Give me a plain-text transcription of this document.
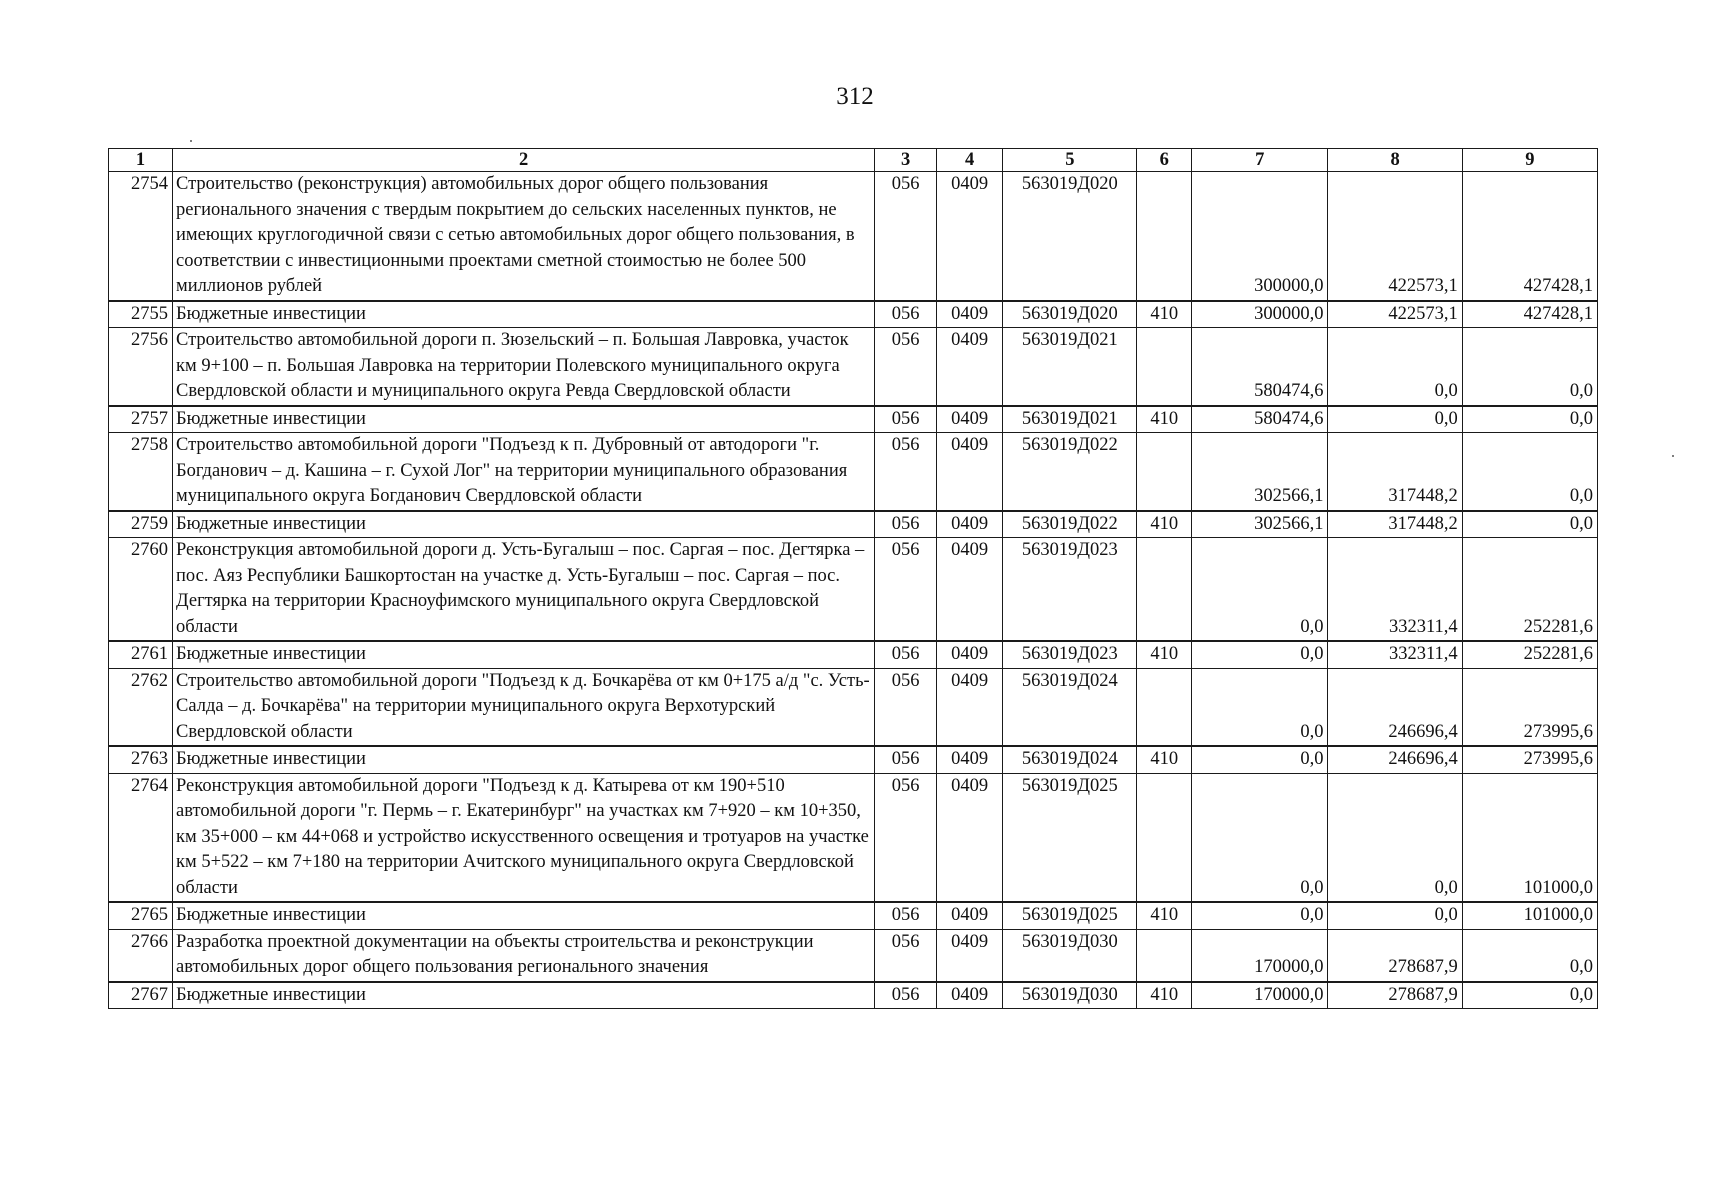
312
1	2	3	4	5	6	7	8	9
2754	Строительство (реконструкция) автомобильных дорог общего пользования регионального значения с твердым покрытием до сельских населенных пунктов, не имеющих круглогодичной связи с сетью автомобильных дорог общего пользования, в соответствии с инвестиционными проектами сметной стоимостью не более 500 миллионов рублей	056	0409	563019Д020		300000,0	422573,1	427428,1
2755	Бюджетные инвестиции	056	0409	563019Д020	410	300000,0	422573,1	427428,1
2756	Строительство автомобильной дороги п. Зюзельский – п. Большая Лавровка, участок км 9+100 – п. Большая Лавровка на территории Полевского муниципального округа Свердловской области и муниципального округа Ревда Свердловской области	056	0409	563019Д021		580474,6	0,0	0,0
2757	Бюджетные инвестиции	056	0409	563019Д021	410	580474,6	0,0	0,0
2758	Строительство автомобильной дороги "Подъезд к п. Дубровный от автодороги "г. Богданович – д. Кашина – г. Сухой Лог" на территории муниципального образования муниципального округа Богданович Свердловской области	056	0409	563019Д022		302566,1	317448,2	0,0
2759	Бюджетные инвестиции	056	0409	563019Д022	410	302566,1	317448,2	0,0
2760	Реконструкция автомобильной дороги д. Усть-Бугалыш – пос. Саргая – пос. Дегтярка – пос. Аяз Республики Башкортостан на участке д. Усть-Бугалыш – пос. Саргая – пос. Дегтярка на территории Красноуфимского муниципального округа Свердловской области	056	0409	563019Д023		0,0	332311,4	252281,6
2761	Бюджетные инвестиции	056	0409	563019Д023	410	0,0	332311,4	252281,6
2762	Строительство автомобильной дороги "Подъезд к д. Бочкарёва от км 0+175 а/д "с. Усть-Салда – д. Бочкарёва" на территории муниципального округа Верхотурский Свердловской области	056	0409	563019Д024		0,0	246696,4	273995,6
2763	Бюджетные инвестиции	056	0409	563019Д024	410	0,0	246696,4	273995,6
2764	Реконструкция автомобильной дороги "Подъезд к д. Катырева от км 190+510 автомобильной дороги "г. Пермь – г. Екатеринбург" на участках км 7+920 – км 10+350, км 35+000 – км 44+068 и устройство искусственного освещения и тротуаров на участке км 5+522 – км 7+180 на территории Ачитского муниципального округа Свердловской области	056	0409	563019Д025		0,0	0,0	101000,0
2765	Бюджетные инвестиции	056	0409	563019Д025	410	0,0	0,0	101000,0
2766	Разработка проектной документации на объекты строительства и реконструкции автомобильных дорог общего пользования регионального значения	056	0409	563019Д030		170000,0	278687,9	0,0
2767	Бюджетные инвестиции	056	0409	563019Д030	410	170000,0	278687,9	0,0
